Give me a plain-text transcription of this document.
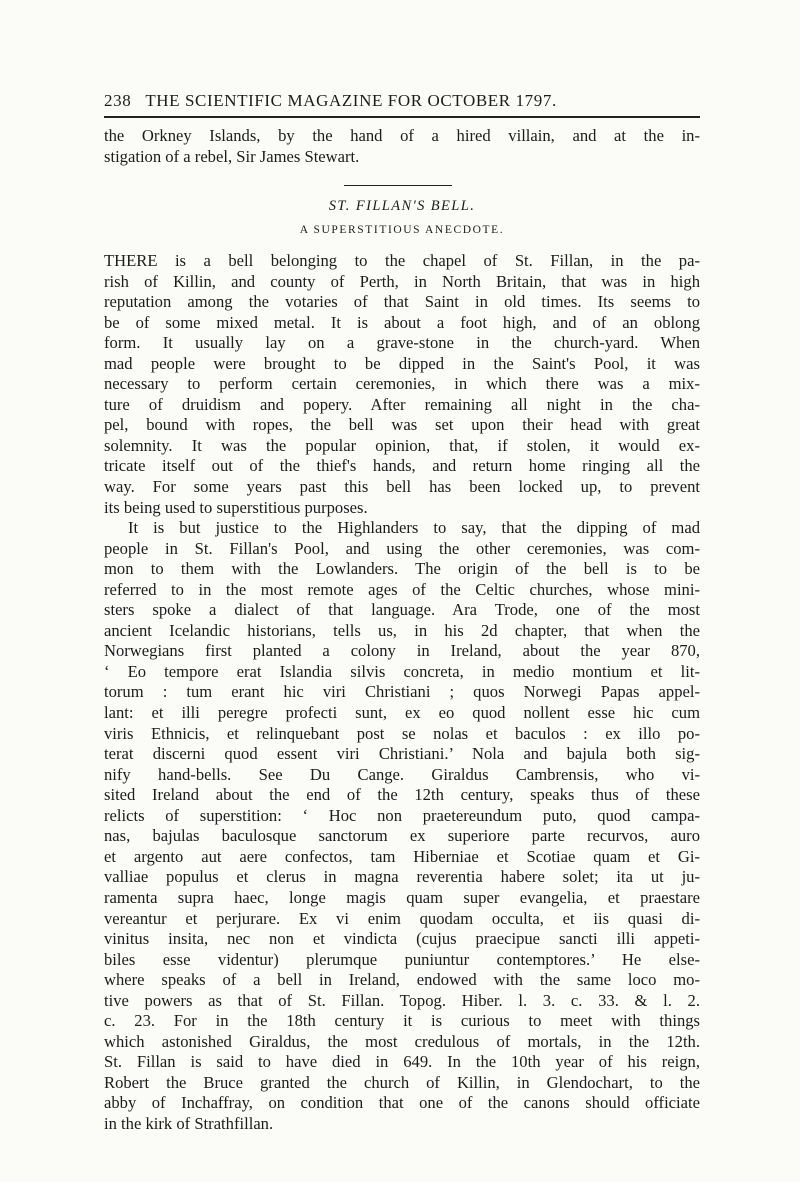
238 THE SCIENTIFIC MAGAZINE FOR OCTOBER 1797.
the Orkney Islands, by the hand of a hired villain, and at the in-
stigation of a rebel, Sir James Stewart.
ST. FILLAN'S BELL.
A SUPERSTITIOUS ANECDOTE.
THERE is a bell belonging to the chapel of St. Fillan, in the pa-
rish of Killin, and county of Perth, in North Britain, that was in high
reputation among the votaries of that Saint in old times. Its seems to
be of some mixed metal. It is about a foot high, and of an oblong
form. It usually lay on a grave-stone in the church-yard. When
mad people were brought to be dipped in the Saint's Pool, it was
necessary to perform certain ceremonies, in which there was a mix-
ture of druidism and popery. After remaining all night in the cha-
pel, bound with ropes, the bell was set upon their head with great
solemnity. It was the popular opinion, that, if stolen, it would ex-
tricate itself out of the thief's hands, and return home ringing all the
way. For some years past this bell has been locked up, to prevent
its being used to superstitious purposes.
It is but justice to the Highlanders to say, that the dipping of mad
people in St. Fillan's Pool, and using the other ceremonies, was com-
mon to them with the Lowlanders. The origin of the bell is to be
referred to in the most remote ages of the Celtic churches, whose mini-
sters spoke a dialect of that language. Ara Trode, one of the most
ancient Icelandic historians, tells us, in his 2d chapter, that when the
Norwegians first planted a colony in Ireland, about the year 870,
‘ Eo tempore erat Islandia silvis concreta, in medio montium et lit-
torum : tum erant hic viri Christiani ; quos Norwegi Papas appel-
lant: et illi peregre profecti sunt, ex eo quod nollent esse hic cum
viris Ethnicis, et relinquebant post se nolas et baculos : ex illo po-
terat discerni quod essent viri Christiani.’ Nola and bajula both sig-
nify hand-bells. See Du Cange. Giraldus Cambrensis, who vi-
sited Ireland about the end of the 12th century, speaks thus of these
relicts of superstition: ‘ Hoc non praetereundum puto, quod campa-
nas, bajulas baculosque sanctorum ex superiore parte recurvos, auro
et argento aut aere confectos, tam Hiberniae et Scotiae quam et Gi-
valliae populus et clerus in magna reverentia habere solet; ita ut ju-
ramenta supra haec, longe magis quam super evangelia, et praestare
vereantur et perjurare. Ex vi enim quodam occulta, et iis quasi di-
vinitus insita, nec non et vindicta (cujus praecipue sancti illi appeti-
biles esse videntur) plerumque puniuntur contemptores.’ He else-
where speaks of a bell in Ireland, endowed with the same loco mo-
tive powers as that of St. Fillan. Topog. Hiber. l. 3. c. 33. & l. 2.
c. 23. For in the 18th century it is curious to meet with things
which astonished Giraldus, the most credulous of mortals, in the 12th.
St. Fillan is said to have died in 649. In the 10th year of his reign,
Robert the Bruce granted the church of Killin, in Glendochart, to the
abby of Inchaffray, on condition that one of the canons should officiate
in the kirk of Strathfillan.
